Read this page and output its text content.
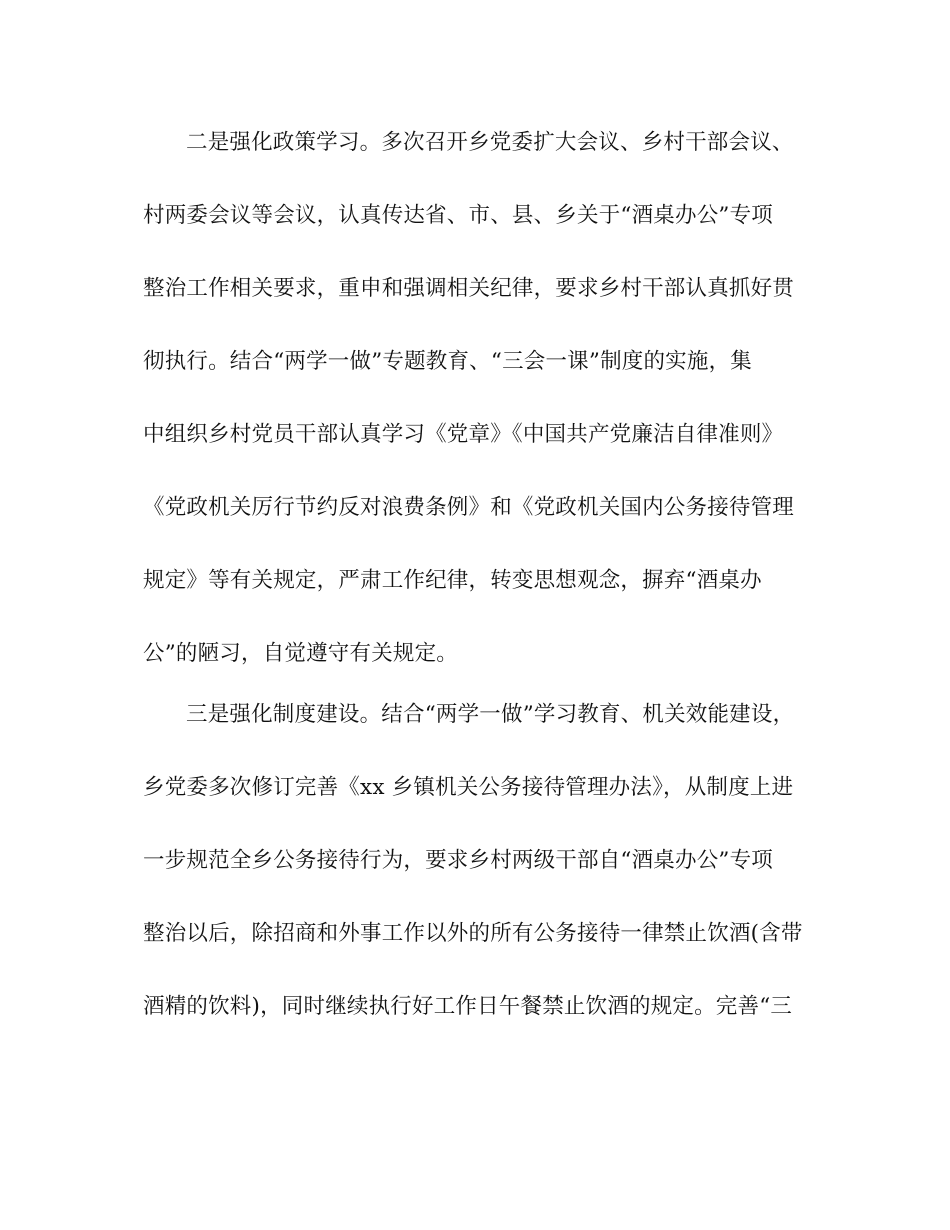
二是强化政策学习。多次召开乡党委扩大会议、乡村干部会议、
村两委会议等会议，认真传达省、市、县、乡关于“酒桌办公”专项
整治工作相关要求，重申和强调相关纪律，要求乡村干部认真抓好贯
彻执行。结合“两学一做”专题教育、“三会一课”制度的实施，集
中组织乡村党员干部认真学习《党章》《中国共产党廉洁自律准则》
《党政机关厉行节约反对浪费条例》和《党政机关国内公务接待管理
规定》等有关规定，严肃工作纪律，转变思想观念，摒弃“酒桌办
公”的陋习，自觉遵守有关规定。
三是强化制度建设。结合“两学一做”学习教育、机关效能建设，
乡党委多次修订完善《xx 乡镇机关公务接待管理办法》，从制度上进
一步规范全乡公务接待行为，要求乡村两级干部自“酒桌办公”专项
整治以后，除招商和外事工作以外的所有公务接待一律禁止饮酒(含带
酒精的饮料)，同时继续执行好工作日午餐禁止饮酒的规定。完善“三
